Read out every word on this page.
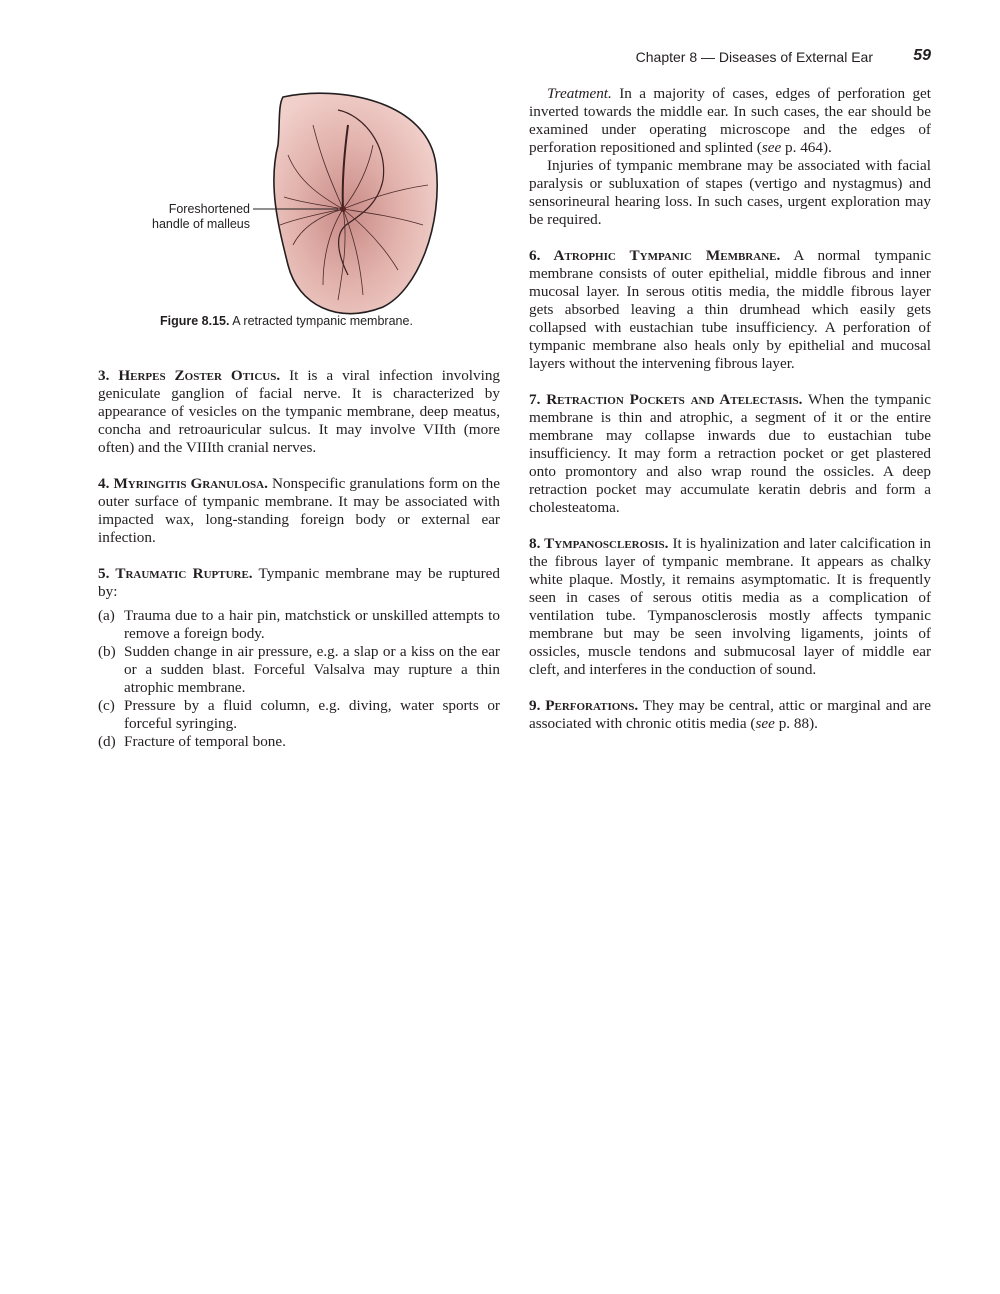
Chapter 8 — Diseases of External Ear	59
Foreshortened
handle of malleus
Figure 8.15. A retracted tympanic membrane.

3. Herpes Zoster Oticus. It is a viral infection involving geniculate ganglion of facial nerve. It is characterized by appearance of vesicles on the tympanic membrane, deep meatus, concha and retroauricular sulcus. It may involve VIIth (more often) and the VIIIth cranial nerves.

4. Myringitis Granulosa. Nonspecific granulations form on the outer surface of tympanic membrane. It may be associated with impacted wax, long-standing foreign body or external ear infection.

5. Traumatic Rupture. Tympanic membrane may be ruptured by:

(a) Trauma due to a hair pin, matchstick or unskilled attempts to remove a foreign body.
(b) Sudden change in air pressure, e.g. a slap or a kiss on the ear or a sudden blast. Forceful Valsalva may rupture a thin atrophic membrane.
(c) Pressure by a fluid column, e.g. diving, water sports or forceful syringing.
(d) Fracture of temporal bone.

Treatment. In a majority of cases, edges of perforation get inverted towards the middle ear. In such cases, the ear should be examined under operating microscope and the edges of perforation repositioned and splinted (see p. 464).

Injuries of tympanic membrane may be associated with facial paralysis or subluxation of stapes (vertigo and nystagmus) and sensorineural hearing loss. In such cases, urgent exploration may be required.

6. Atrophic Tympanic Membrane. A normal tympanic membrane consists of outer epithelial, middle fibrous and inner mucosal layer. In serous otitis media, the middle fibrous layer gets absorbed leaving a thin drumhead which easily gets collapsed with eustachian tube insufficiency. A perforation of tympanic membrane also heals only by epithelial and mucosal layers without the intervening fibrous layer.

7. Retraction Pockets and Atelectasis. When the tympanic membrane is thin and atrophic, a segment of it or the entire membrane may collapse inwards due to eustachian tube insufficiency. It may form a retraction pocket or get plastered onto promontory and also wrap round the ossicles. A deep retraction pocket may accumulate keratin debris and form a cholesteatoma.

8. Tympanosclerosis. It is hyalinization and later calcification in the fibrous layer of tympanic membrane. It appears as chalky white plaque. Mostly, it remains asymptomatic. It is frequently seen in cases of serous otitis media as a complication of ventilation tube. Tympanosclerosis mostly affects tympanic membrane but may be seen involving ligaments, joints of ossicles, muscle tendons and submucosal layer of middle ear cleft, and interferes in the conduction of sound.

9. Perforations. They may be central, attic or marginal and are associated with chronic otitis media (see p. 88).
